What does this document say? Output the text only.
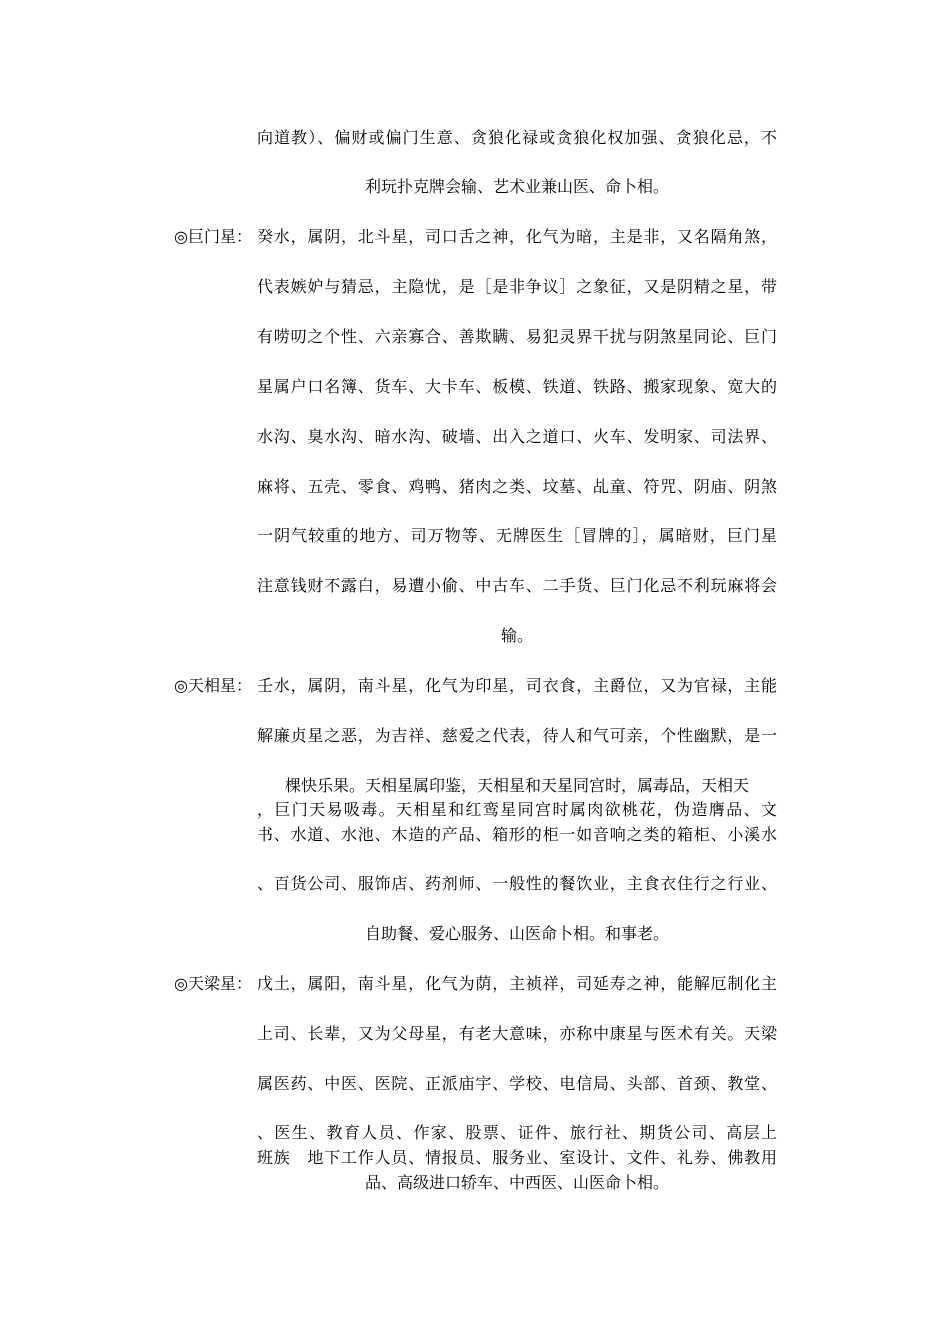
向道教）、偏财或偏门生意、贪狼化禄或贪狼化权加强、贪狼化忌，不
利玩扑克牌会输、艺术业兼山医、命卜相。
◎巨门星： 癸水，属阴，北斗星，司口舌之神，化气为暗，主是非，又名隔角煞，
代表嫉妒与猜忌，主隐忧，是［是非争议］之象征，又是阴精之星，带
有唠叨之个性、六亲寡合、善欺瞒、易犯灵界干扰与阴煞星同论、巨门
星属户口名簿、货车、大卡车、板模、铁道、铁路、搬家现象、宽大的
水沟、臭水沟、暗水沟、破墙、出入之道口、火车、发明家、司法界、
麻将、五壳、零食、鸡鸭、猪肉之类、坟墓、乩童、符咒、阴庙、阴煞
一阴气较重的地方、司万物等、无牌医生［冒牌的］，属暗财，巨门星
注意钱财不露白，易遭小偷、中古车、二手货、巨门化忌不利玩麻将会
输。
◎天相星： 壬水，属阴，南斗星，化气为印星，司衣食，主爵位，又为官禄，主能
解廉贞星之恶，为吉祥、慈爱之代表，待人和气可亲，个性幽默，是一
棵快乐果。天相星属印鉴，天相星和天星同宫时，属毒品，天相天
，巨门天易吸毒。天相星和红鸾星同宫时属肉欲桃花，伪造膺品、文
书、水道、水池、木造的产品、箱形的柜一如音响之类的箱柜、小溪水
、百货公司、服饰店、药剂师、一般性的餐饮业，主食衣住行之行业、
自助餐、爱心服务、山医命卜相。和事老。
◎天梁星： 戊土，属阳，南斗星，化气为荫，主祯祥，司延寿之神，能解厄制化主
上司、长辈，又为父母星，有老大意味，亦称中康星与医术有关。天梁
属医药、中医、医院、正派庙宇、学校、电信局、头部、首颈、教堂、
、医生、教育人员、作家、股票、证件、旅行社、期货公司、高层上
班族　地下工作人员、情报员、服务业、室设计、文件、礼券、佛教用
品、高级进口轿车、中西医、山医命卜相。
